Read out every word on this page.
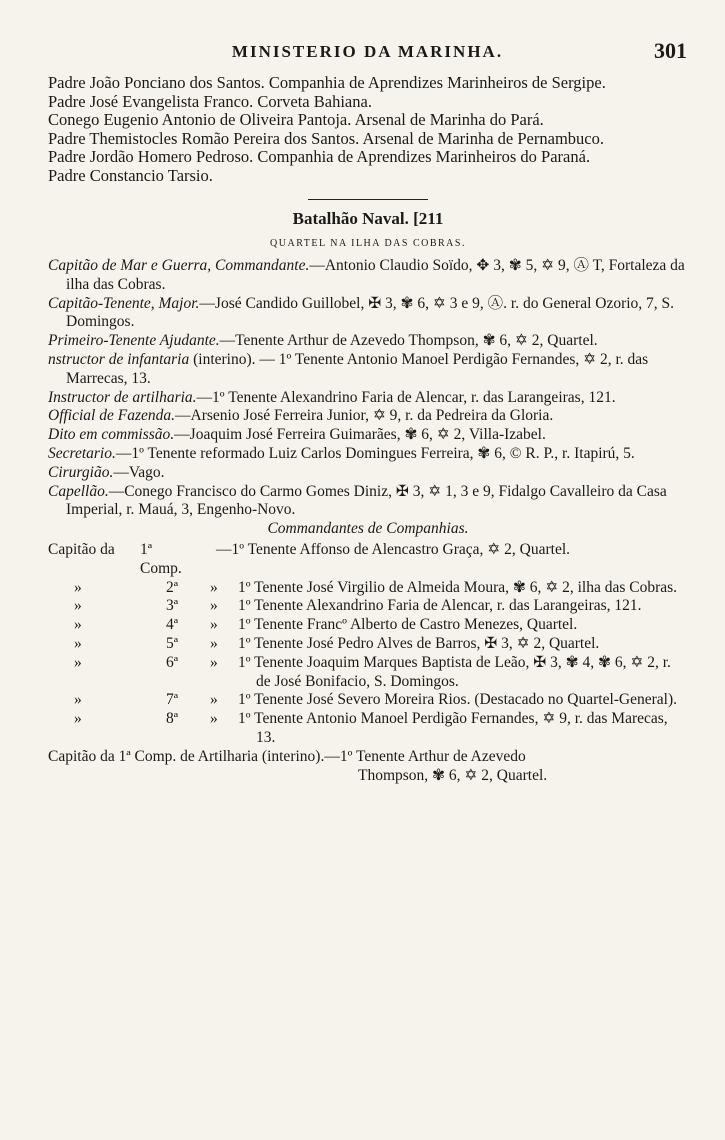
MINISTERIO DA MARINHA.	301
Padre João Ponciano dos Santos. Companhia de Aprendizes Marinheiros de Sergipe.
Padre José Evangelista Franco. Corveta Bahiana.
Conego Eugenio Antonio de Oliveira Pantoja. Arsenal de Marinha do Pará.
Padre Themistocles Romão Pereira dos Santos. Arsenal de Marinha de Pernambuco.
Padre Jordão Homero Pedroso. Companhia de Aprendizes Marinheiros do Paraná.
Padre Constancio Tarsio.
Batalhão Naval. [211
QUARTEL NA ILHA DAS COBRAS.
Capitão de Mar e Guerra, Commandante.—Antonio Claudio Soïdo, ✥ 3, ✾ 5, ✡ 9, Ⓐ T, Fortaleza da ilha das Cobras.
Capitão-Tenente, Major.—José Candido Guillobel, ✠ 3, ✾ 6, ✡ 3 e 9, Ⓐ. r. do General Ozorio, 7, S. Domingos.
Primeiro-Tenente Ajudante.—Tenente Arthur de Azevedo Thompson, ✾ 6, ✡ 2, Quartel.
nstructor de infantaria (interino). — 1º Tenente Antonio Manoel Perdigão Fernandes, ✡ 2, r. das Marrecas, 13.
Instructor de artilharia.—1º Tenente Alexandrino Faria de Alencar, r. das Larangeiras, 121.
Official de Fazenda.—Arsenio José Ferreira Junior, ✡ 9, r. da Pedreira da Gloria.
Dito em commissão.—Joaquim José Ferreira Guimarães, ✾ 6, ✡ 2, Villa-Izabel.
Secretario.—1º Tenente reformado Luiz Carlos Domingues Ferreira, ✾ 6, © R. P., r. Itapirú, 5.
Cirurgião.—Vago.
Capellão.—Conego Francisco do Carmo Gomes Diniz, ✠ 3, ✡ 1, 3 e 9, Fidalgo Cavalleiro da Casa Imperial, r. Mauá, 3, Engenho-Novo.
Commandantes de Companhias.
Capitão da	1ª Comp.
—1º Tenente Affonso de Alencastro Graça, ✡ 2, Quartel.
»	2ª	»	1º Tenente José Virgilio de Almeida Moura, ✾ 6, ✡ 2, ilha das Cobras.
»	3ª	»	1º Tenente Alexandrino Faria de Alencar, r. das Larangeiras, 121.
»	4ª	»	1º Tenente Francº Alberto de Castro Menezes, Quartel.
»	5ª	»	1º Tenente José Pedro Alves de Barros, ✠ 3, ✡ 2, Quartel.
»	6ª	»	1º Tenente Joaquim Marques Baptista de Leão, ✠ 3, ✾ 4, ✾ 6, ✡ 2, r. de José Bonifacio, S. Domingos.
»	7ª	»	1º Tenente José Severo Moreira Rios. (Destacado no Quartel-General).
»	8ª	»	1º Tenente Antonio Manoel Perdigão Fernandes, ✡ 9, r. das Marecas, 13.
Capitão da 1ª Comp. de Artilharia (interino).—1º Tenente Arthur de Azevedo
Thompson, ✾ 6, ✡ 2, Quartel.
